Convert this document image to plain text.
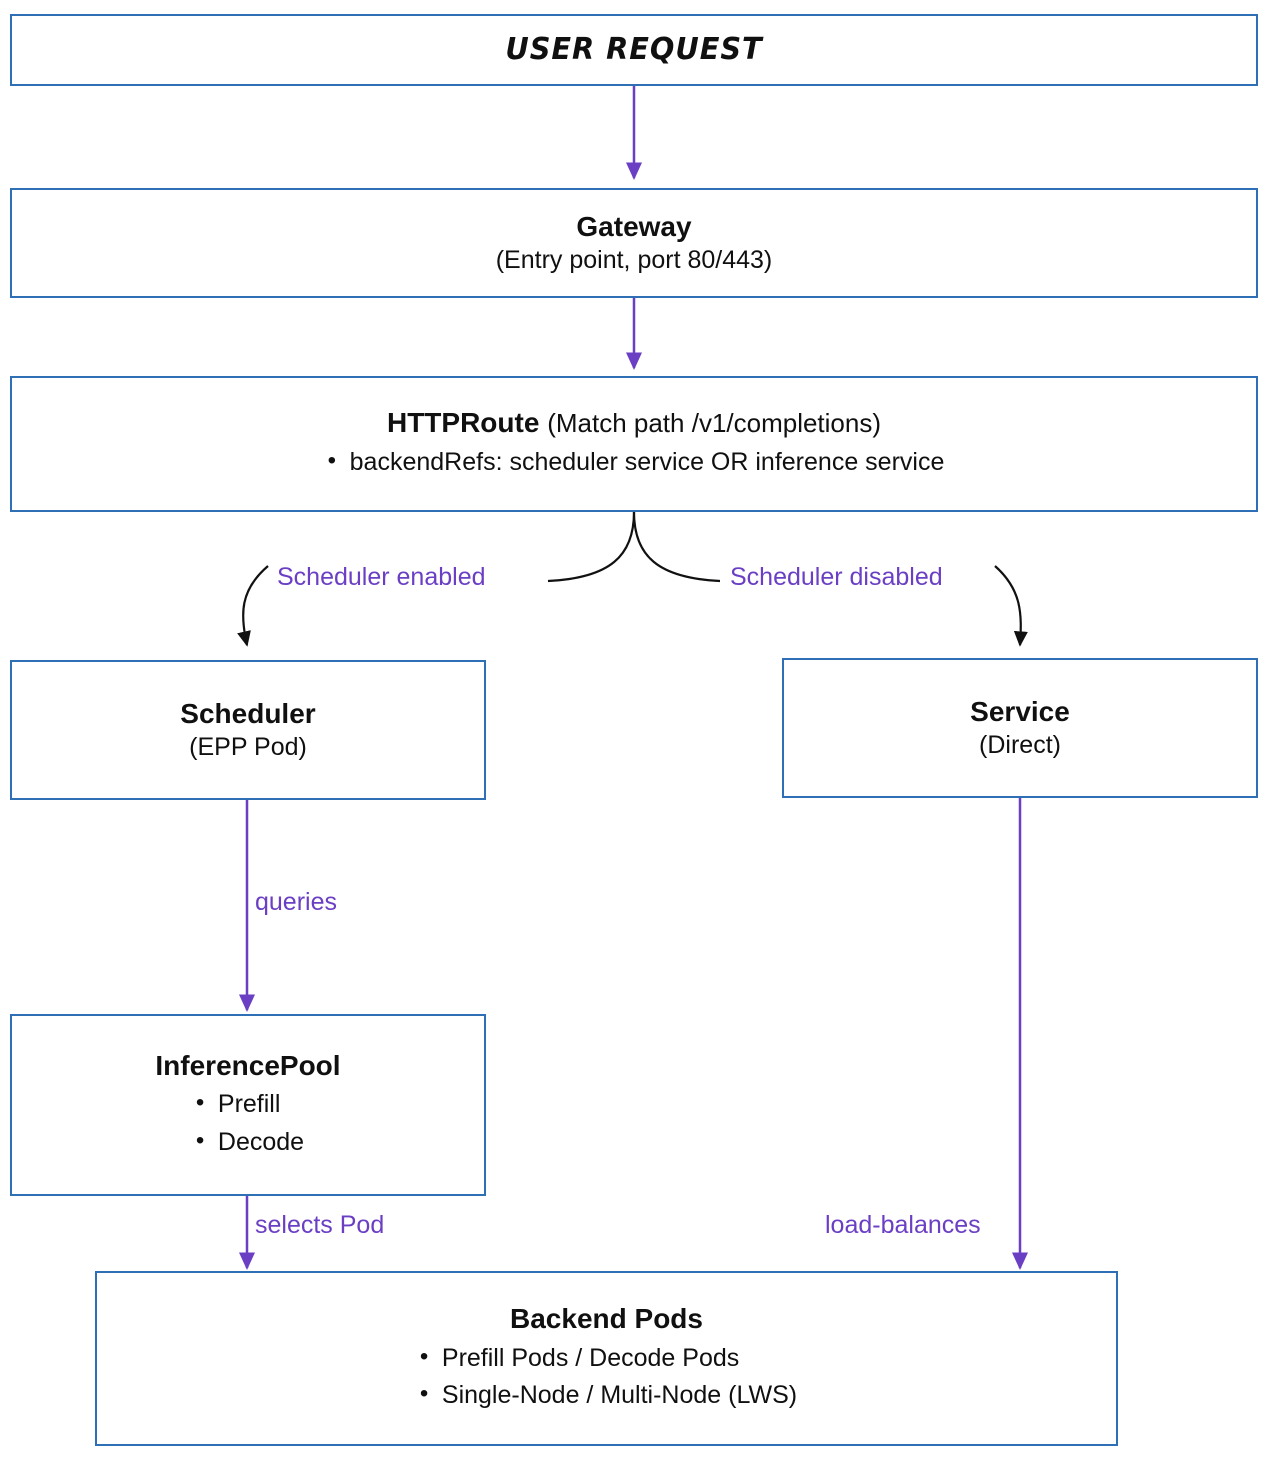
USER REQUEST
Gateway
(Entry point, port 80/443)
HTTPRoute (Match path /v1/completions)
• backendRefs: scheduler service OR inference service
Scheduler enabled	Scheduler disabled
Scheduler
(EPP Pod)
Service
(Direct)
queries
InferencePool
• Prefill
• Decode
selects Pod	load-balances
Backend Pods
• Prefill Pods / Decode Pods
• Single-Node / Multi-Node (LWS)
